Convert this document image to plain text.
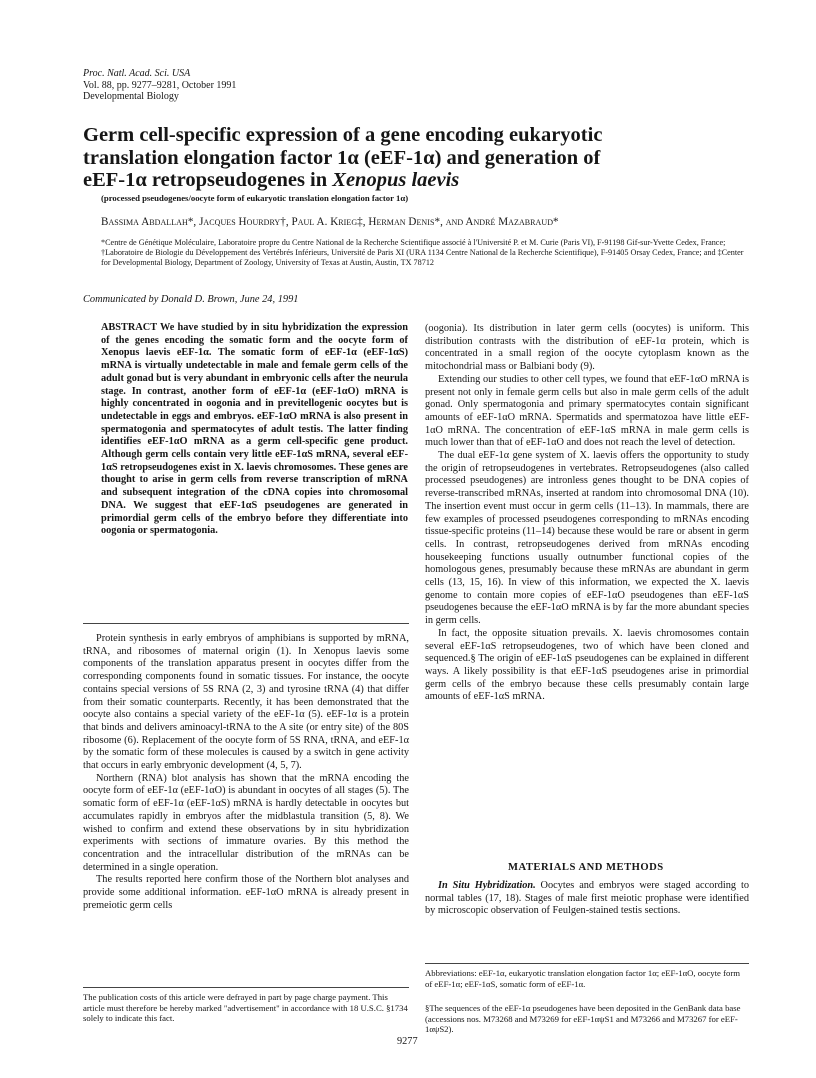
Proc. Natl. Acad. Sci. USA
Vol. 88, pp. 9277–9281, October 1991
Developmental Biology
Germ cell-specific expression of a gene encoding eukaryotic
translation elongation factor 1α (eEF-1α) and generation of
eEF-1α retropseudogenes in Xenopus laevis
(processed pseudogenes/oocyte form of eukaryotic translation elongation factor 1α)
Bassima Abdallah*, Jacques Hourdry†, Paul A. Krieg‡, Herman Denis*, and André Mazabraud*
*Centre de Génétique Moléculaire, Laboratoire propre du Centre National de la Recherche Scientifique associé à l'Université P. et M. Curie (Paris VI), F-91198 Gif-sur-Yvette Cedex, France; †Laboratoire de Biologie du Développement des Vertébrés Inférieurs, Université de Paris XI (URA 1134 Centre National de la Recherche Scientifique), F-91405 Orsay Cedex, France; and ‡Center for Developmental Biology, Department of Zoology, University of Texas at Austin, Austin, TX 78712
Communicated by Donald D. Brown, June 24, 1991
ABSTRACT We have studied by in situ hybridization the expression of the genes encoding the somatic form and the oocyte form of Xenopus laevis eEF-1α. The somatic form of eEF-1α (eEF-1αS) mRNA is virtually undetectable in male and female germ cells of the adult gonad but is very abundant in embryonic cells after the neurula stage. In contrast, another form of eEF-1α (eEF-1αO) mRNA is highly concentrated in oogonia and in previtellogenic oocytes but is undetectable in eggs and embryos. eEF-1αO mRNA is also present in spermatogonia and spermatocytes of adult testis. The latter finding identifies eEF-1αO mRNA as a germ cell-specific gene product. Although germ cells contain very little eEF-1αS mRNA, several eEF-1αS retropseudogenes exist in X. laevis chromosomes. These genes are thought to arise in germ cells from reverse transcription of mRNA and subsequent integration of the cDNA copies into chromosomal DNA. We suggest that eEF-1αS pseudogenes are generated in primordial germ cells of the embryo before they differentiate into oogonia or spermatogonia.

Protein synthesis in early embryos of amphibians is supported by mRNA, tRNA, and ribosomes of maternal origin (1). In Xenopus laevis some components of the translation apparatus present in oocytes differ from the corresponding components found in somatic tissues. For instance, the oocyte contains special versions of 5S RNA (2, 3) and tyrosine tRNA (4) that differ from their somatic counterparts. Recently, it has been demonstrated that the oocyte also contains a special variety of the eEF-1α (5). eEF-1α is a protein that binds and delivers aminoacyl-tRNA to the A site (or entry site) of the 80S ribosome (6). Replacement of the oocyte form of 5S RNA, tRNA, and eEF-1α by the somatic form of these molecules is caused by a switch in gene activity that occurs in early embryonic development (4, 5, 7).

Northern (RNA) blot analysis has shown that the mRNA encoding the oocyte form of eEF-1α (eEF-1αO) is abundant in oocytes of all stages (5). The somatic form of eEF-1α (eEF-1αS) mRNA is hardly detectable in oocytes but accumulates rapidly in embryos after the midblastula transition (5, 8). We wished to confirm and extend these observations by in situ hybridization experiments with sections of immature ovaries. By this method the concentration and the intracellular distribution of the mRNAs can be determined in a single operation.

The results reported here confirm those of the Northern blot analyses and provide some additional information. eEF-1αO mRNA is already present in premeiotic germ cells

(oogonia). Its distribution in later germ cells (oocytes) is uniform. This distribution contrasts with the distribution of eEF-1α protein, which is concentrated in a small region of the oocyte cytoplasm known as the mitochondrial mass or Balbiani body (9).

Extending our studies to other cell types, we found that eEF-1αO mRNA is present not only in female germ cells but also in male germ cells of the adult gonad. Only spermatogonia and primary spermatocytes contain significant amounts of eEF-1αO mRNA. Spermatids and spermatozoa have little eEF-1αO mRNA. The concentration of eEF-1αS mRNA in male germ cells is much lower than that of eEF-1αO and does not reach the level of detection.

The dual eEF-1α gene system of X. laevis offers the opportunity to study the origin of retropseudogenes in vertebrates. Retropseudogenes (also called processed pseudogenes) are intronless genes thought to be DNA copies of reverse-transcribed mRNAs, inserted at random into chromosomal DNA (10). The insertion event must occur in germ cells (11–13). In mammals, there are few examples of processed pseudogenes corresponding to mRNAs encoding tissue-specific proteins (11–14) because these would be rare or absent in germ cells. In contrast, retropseudogenes derived from mRNAs encoding housekeeping functions usually outnumber functional copies of the homologous genes, presumably because these mRNAs are abundant in germ cells (13, 15, 16). In view of this information, we expected the X. laevis genome to contain more copies of eEF-1αO pseudogenes than eEF-1αS pseudogenes because the eEF-1αO mRNA is by far the more abundant species in germ cells.

In fact, the opposite situation prevails. X. laevis chromosomes contain several eEF-1αS retropseudogenes, two of which have been cloned and sequenced.§ The origin of eEF-1αS pseudogenes can be explained in different ways. A likely possibility is that eEF-1αS pseudogenes arise in primordial germ cells of the embryo because these cells presumably contain large amounts of eEF-1αS mRNA.

MATERIALS AND METHODS

In Situ Hybridization. Oocytes and embryos were staged according to normal tables (17, 18). Stages of male first meiotic prophase were identified by microscopic observation of Feulgen-stained testis sections.

Abbreviations: eEF-1α, eukaryotic translation elongation factor 1α; eEF-1αO, oocyte form of eEF-1α; eEF-1αS, somatic form of eEF-1α.
§The sequences of the eEF-1α pseudogenes have been deposited in the GenBank data base (accessions nos. M73268 and M73269 for eEF-1αψS1 and M73266 and M73267 for eEF-1αψS2).
The publication costs of this article were defrayed in part by page charge payment. This article must therefore be hereby marked "advertisement" in accordance with 18 U.S.C. §1734 solely to indicate this fact.
9277
